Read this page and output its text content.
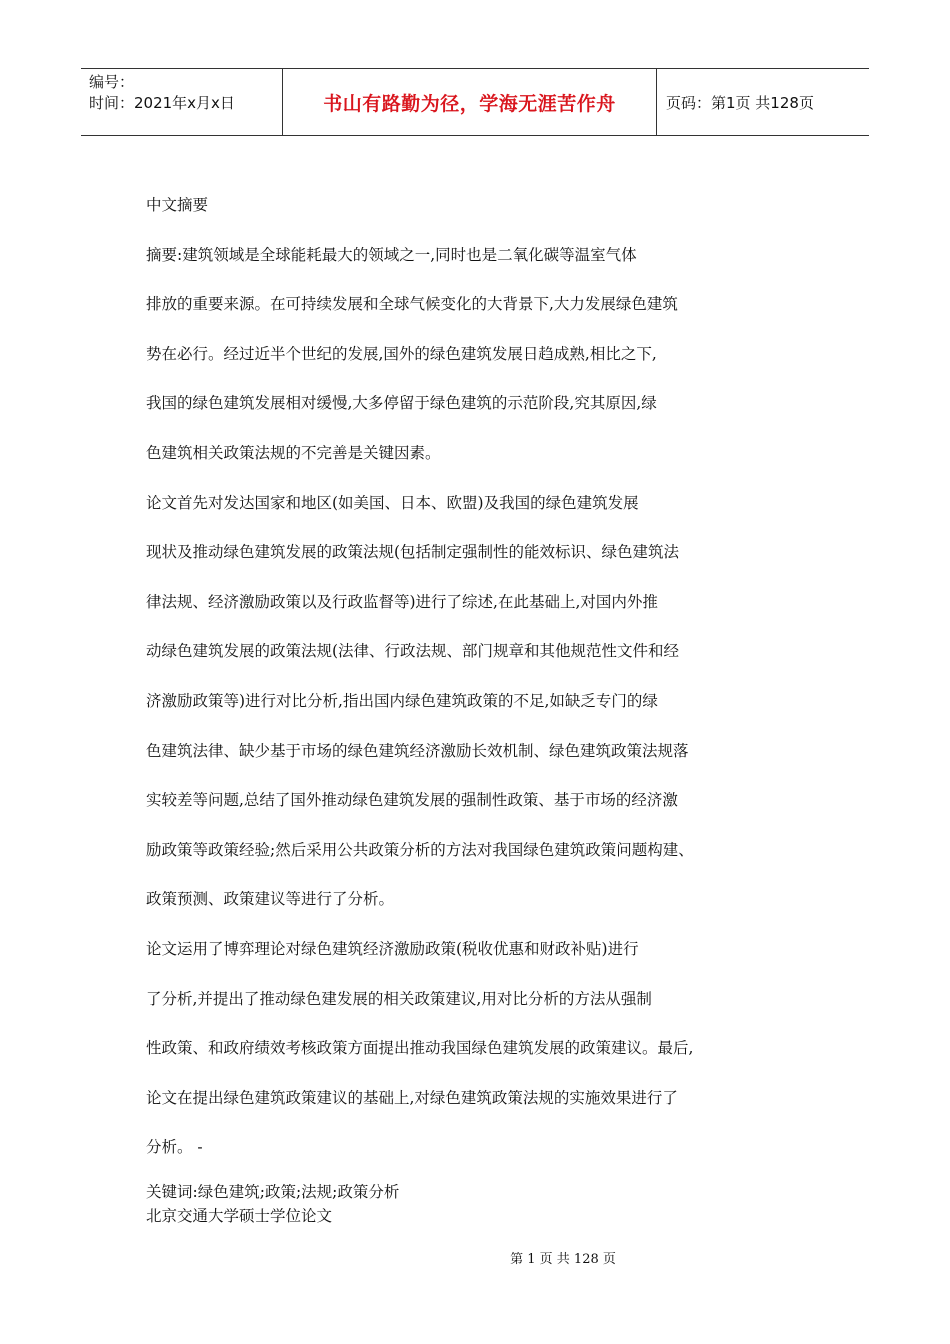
编号：
时间：2021年x月x日	书山有路勤为径，学海无涯苦作舟	页码：第1页 共128页
中文摘要
摘要:建筑领域是全球能耗最大的领域之一,同时也是二氧化碳等温室气体
排放的重要来源。在可持续发展和全球气候变化的大背景下,大力发展绿色建筑
势在必行。经过近半个世纪的发展,国外的绿色建筑发展日趋成熟,相比之下,
我国的绿色建筑发展相对缓慢,大多停留于绿色建筑的示范阶段,究其原因,绿
色建筑相关政策法规的不完善是关键因素。
论文首先对发达国家和地区(如美国、日本、欧盟)及我国的绿色建筑发展
现状及推动绿色建筑发展的政策法规(包括制定强制性的能效标识、绿色建筑法
律法规、经济激励政策以及行政监督等)进行了综述,在此基础上,对国内外推
动绿色建筑发展的政策法规(法律、行政法规、部门规章和其他规范性文件和经
济激励政策等)进行对比分析,指出国内绿色建筑政策的不足,如缺乏专门的绿
色建筑法律、缺少基于市场的绿色建筑经济激励长效机制、绿色建筑政策法规落
实较差等问题,总结了国外推动绿色建筑发展的强制性政策、基于市场的经济激
励政策等政策经验;然后采用公共政策分析的方法对我国绿色建筑政策问题构建、
政策预测、政策建议等进行了分析。
论文运用了博弈理论对绿色建筑经济激励政策(税收优惠和财政补贴)进行
了分析,并提出了推动绿色建发展的相关政策建议,用对比分析的方法从强制
性政策、和政府绩效考核政策方面提出推动我国绿色建筑发展的政策建议。最后,
论文在提出绿色建筑政策建议的基础上,对绿色建筑政策法规的实施效果进行了
分析。 -
关键词:绿色建筑;政策;法规;政策分析
北京交通大学硕士学位论文
第 1 页 共 128 页
